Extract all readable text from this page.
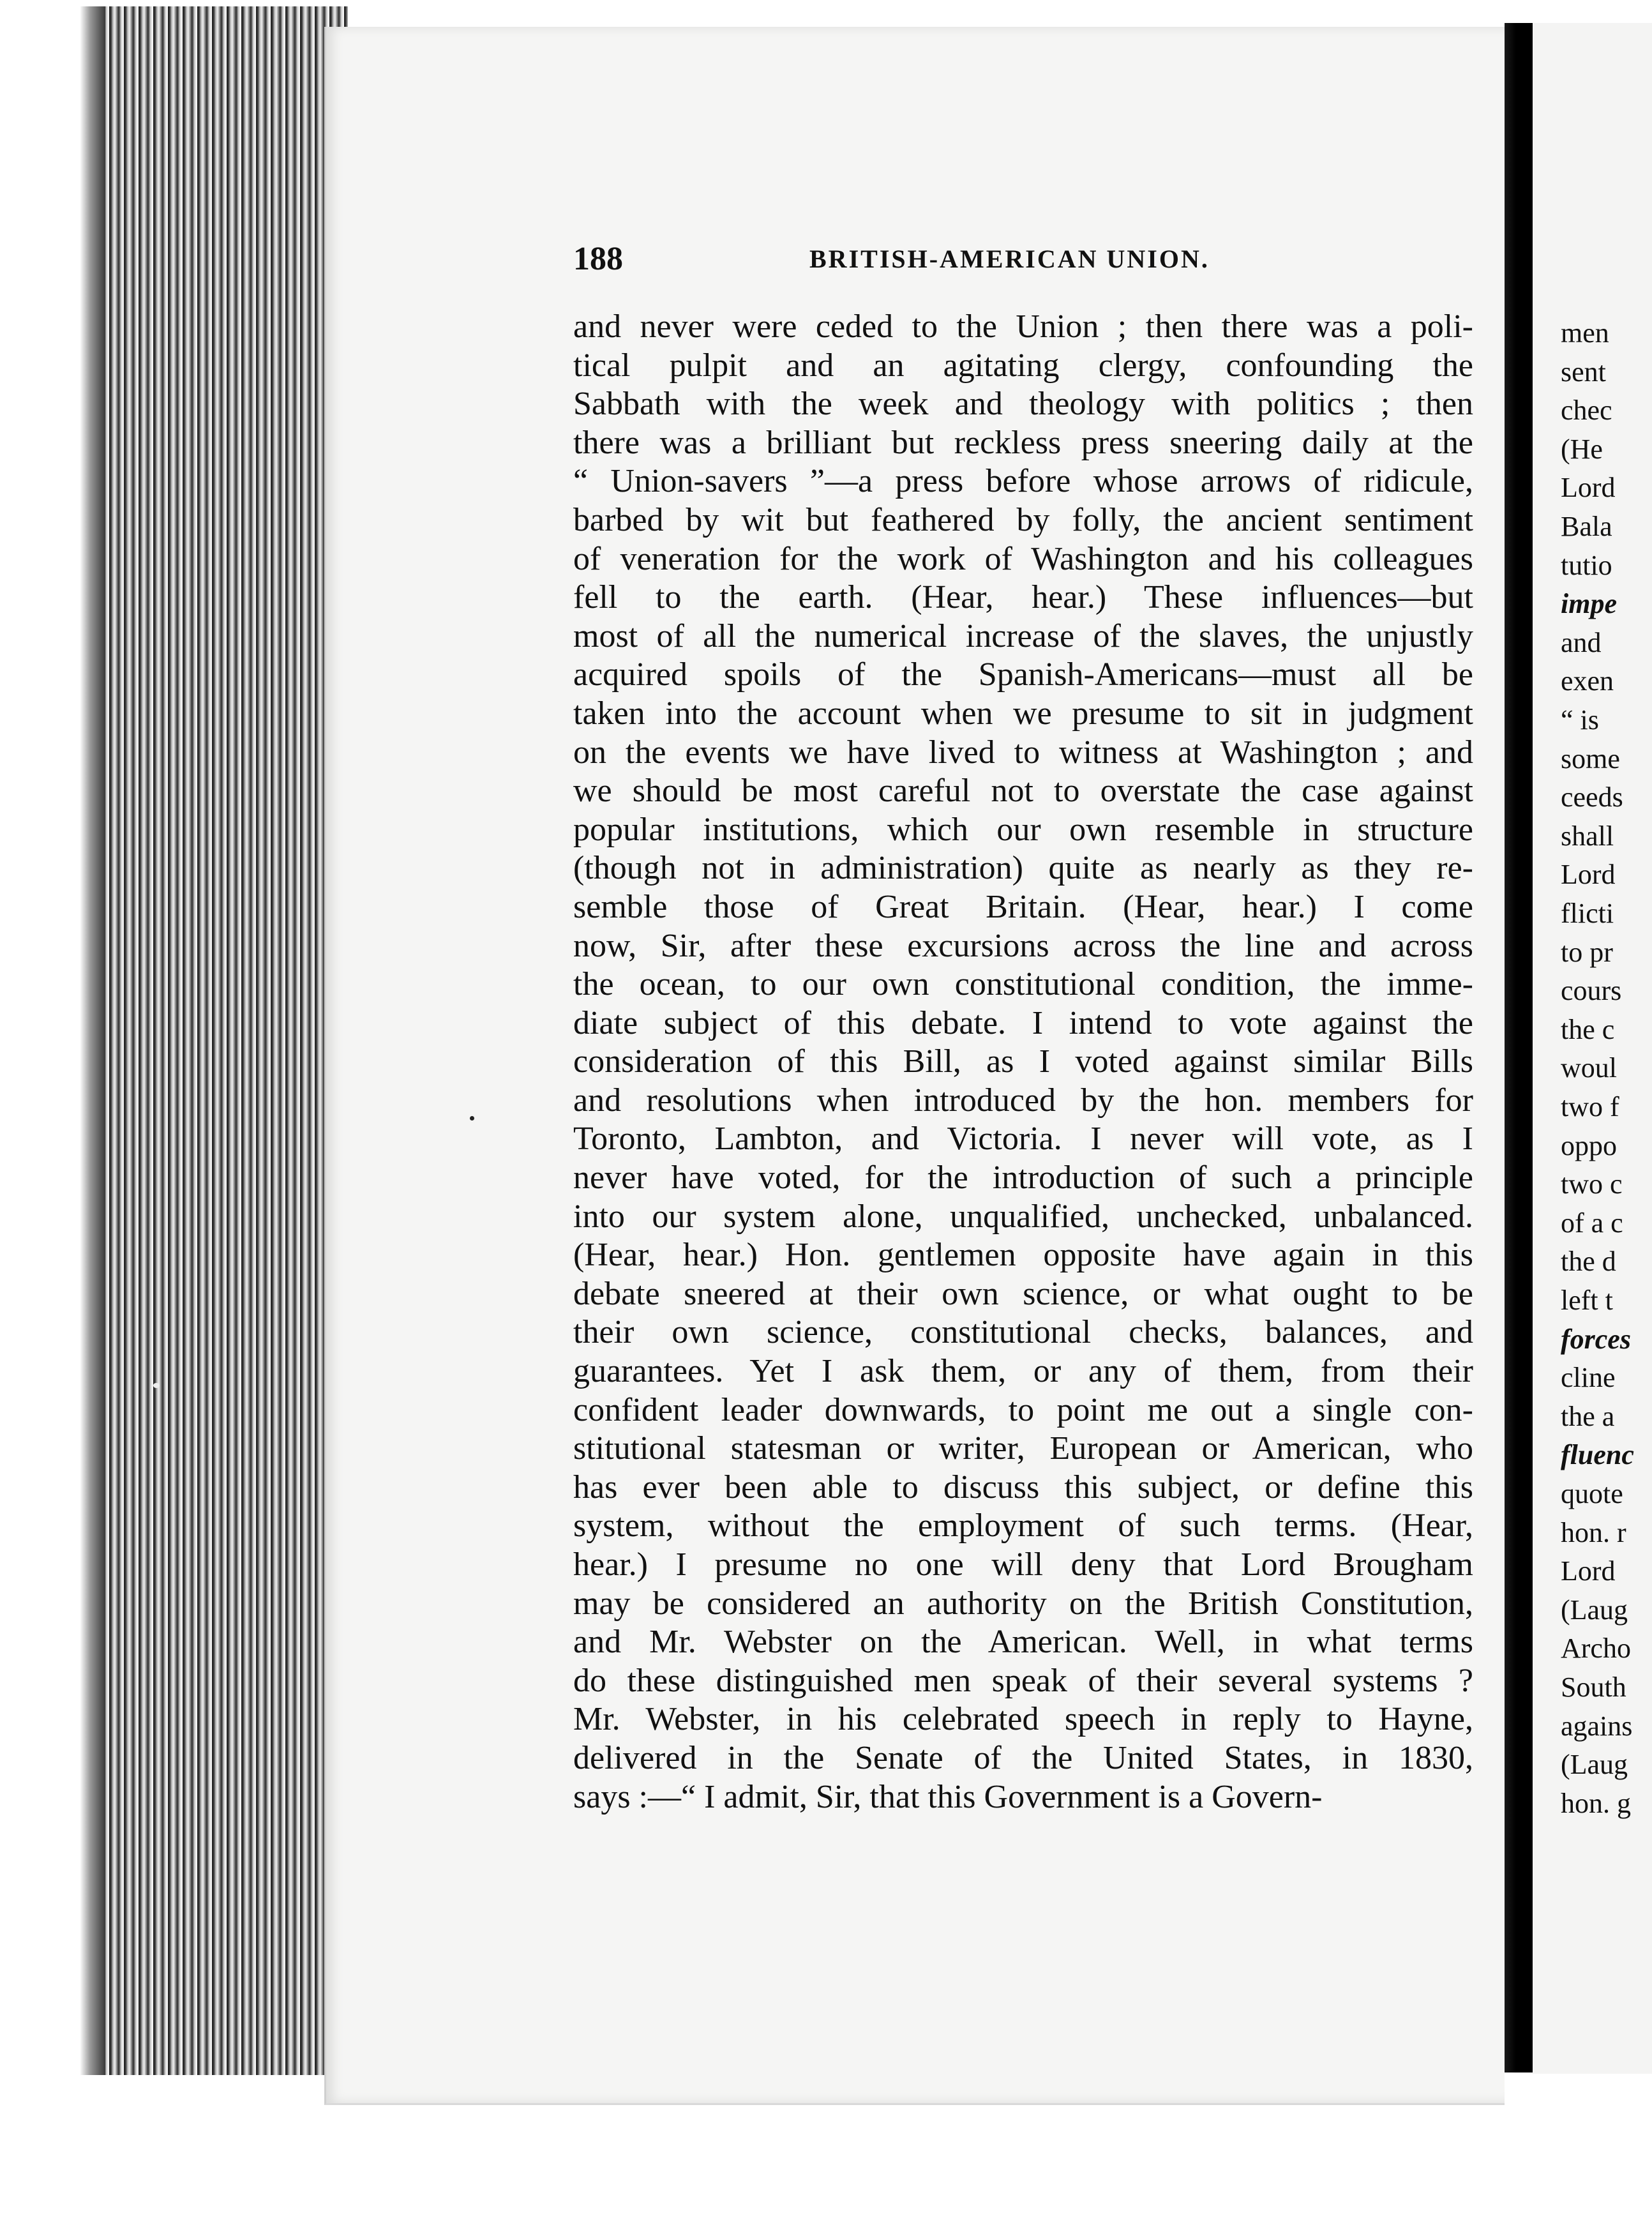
188	BRITISH-AMERICAN UNION.
and never were ceded to the Union ; then there was a poli-
tical pulpit and an agitating clergy, confounding the
Sabbath with the week and theology with politics ; then
there was a brilliant but reckless press sneering daily at the
“ Union-savers ”—a press before whose arrows of ridicule,
barbed by wit but feathered by folly, the ancient sentiment
of veneration for the work of Washington and his colleagues
fell to the earth. (Hear, hear.) These influences—but
most of all the numerical increase of the slaves, the unjustly
acquired spoils of the Spanish-Americans—must all be
taken into the account when we presume to sit in judgment
on the events we have lived to witness at Washington ; and
we should be most careful not to overstate the case against
popular institutions, which our own resemble in structure
(though not in administration) quite as nearly as they re-
semble those of Great Britain. (Hear, hear.) I come
now, Sir, after these excursions across the line and across
the ocean, to our own constitutional condition, the imme-
diate subject of this debate. I intend to vote against the
consideration of this Bill, as I voted against similar Bills
and resolutions when introduced by the hon. members for
Toronto, Lambton, and Victoria. I never will vote, as I
never have voted, for the introduction of such a principle
into our system alone, unqualified, unchecked, unbalanced.
(Hear, hear.) Hon. gentlemen opposite have again in this
debate sneered at their own science, or what ought to be
their own science, constitutional checks, balances, and
guarantees. Yet I ask them, or any of them, from their
confident leader downwards, to point me out a single con-
stitutional statesman or writer, European or American, who
has ever been able to discuss this subject, or define this
system, without the employment of such terms. (Hear,
hear.) I presume no one will deny that Lord Brougham
may be considered an authority on the British Constitution,
and Mr. Webster on the American. Well, in what terms
do these distinguished men speak of their several systems ?
Mr. Webster, in his celebrated speech in reply to Hayne,
delivered in the Senate of the United States, in 1830,
says :—“ I admit, Sir, that this Government is a Govern-
men
sent
chec
(He
Lord
Bala
tutio
impe
and
exen
“ is
some
ceeds
shall
Lord
flicti
to pr
cours
the c
woul
two f
oppo
two c
of a c
the d
left t
forces
cline
the a
fluenc
quote
hon. r
Lord
(Laug
Archo
South
agains
(Laug
hon. g
